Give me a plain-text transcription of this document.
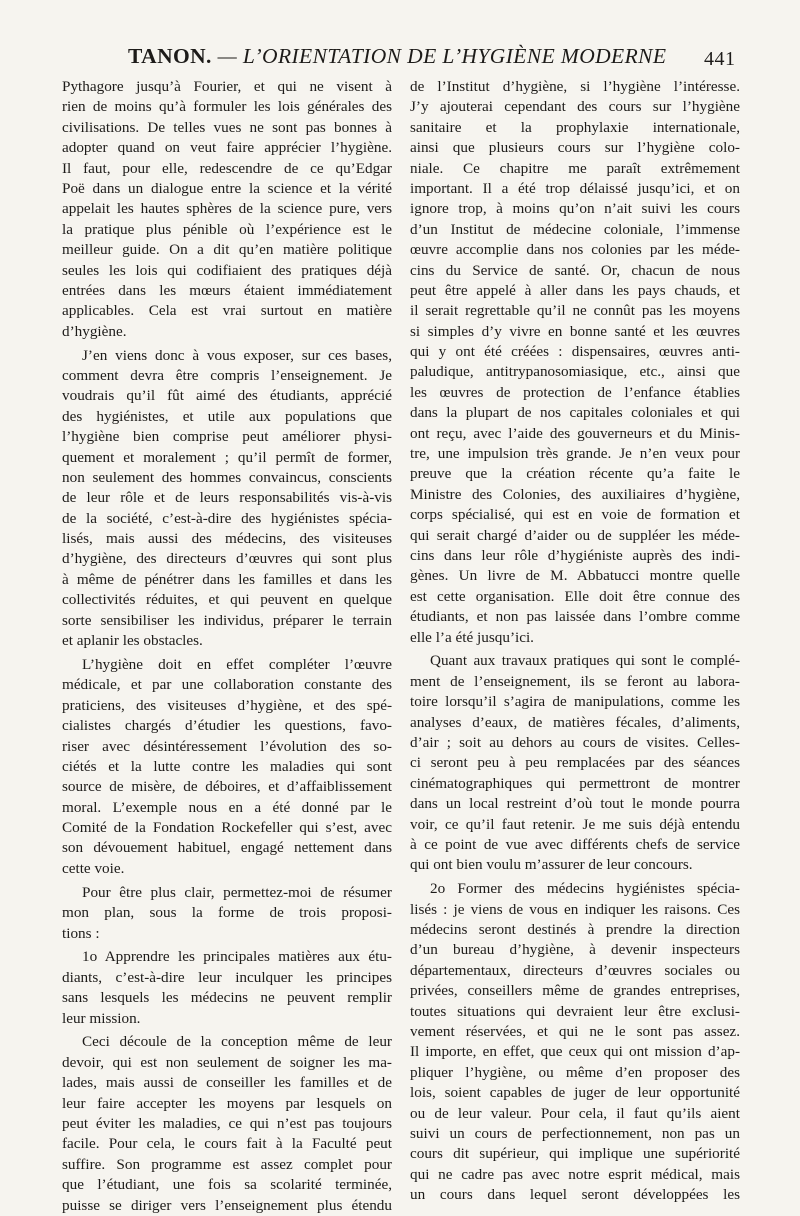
TANON. — L’ORIENTATION DE L’HYGIÈNE MODERNE	441
Pythagore jusqu’à Fourier, et qui ne visent à
rien de moins qu’à formuler les lois générales des
civilisations. De telles vues ne sont pas bonnes à
adopter quand on veut faire apprécier l’hygiène.
Il faut, pour elle, redescendre de ce qu’Edgar
Poë dans un dialogue entre la science et la vérité
appelait les hautes sphères de la science pure, vers
la pratique plus pénible où l’expérience est le
meilleur guide. On a dit qu’en matière politique
seules les lois qui codifiaient des pratiques déjà
entrées dans les mœurs étaient immédiatement
applicables. Cela est vrai surtout en matière
d’hygiène.
J’en viens donc à vous exposer, sur ces bases,
comment devra être compris l’enseignement. Je
voudrais qu’il fût aimé des étudiants, apprécié
des hygiénistes, et utile aux populations que
l’hygiène bien comprise peut améliorer physi-
quement et moralement ; qu’il permît de former,
non seulement des hommes convaincus, conscients
de leur rôle et de leurs responsabilités vis-à-vis
de la société, c’est-à-dire des hygiénistes spécia-
lisés, mais aussi des médecins, des visiteuses
d’hygiène, des directeurs d’œuvres qui sont plus
à même de pénétrer dans les familles et dans les
collectivités réduites, et qui peuvent en quelque
sorte sensibiliser les individus, préparer le terrain
et aplanir les obstacles.
L’hygiène doit en effet compléter l’œuvre
médicale, et par une collaboration constante des
praticiens, des visiteuses d’hygiène, et des spé-
cialistes chargés d’étudier les questions, favo-
riser avec désintéressement l’évolution des so-
ciétés et la lutte contre les maladies qui sont
source de misère, de déboires, et d’affaiblissement
moral. L’exemple nous en a été donné par le
Comité de la Fondation Rockefeller qui s’est, avec
son dévouement habituel, engagé nettement dans
cette voie.
Pour être plus clair, permettez-moi de résumer
mon plan, sous la forme de trois proposi-
tions :
1o Apprendre les principales matières aux étu-
diants, c’est-à-dire leur inculquer les principes
sans lesquels les médecins ne peuvent remplir
leur mission.
Ceci découle de la conception même de leur
devoir, qui est non seulement de soigner les ma-
lades, mais aussi de conseiller les familles et de
leur faire accepter les moyens par lesquels on
peut éviter les maladies, ce qui n’est pas toujours
facile. Pour cela, le cours fait à la Faculté peut
suffire. Son programme est assez complet pour
que l’étudiant, une fois sa scolarité terminée,
puisse se diriger vers l’enseignement plus étendu
de l’Institut d’hygiène, si l’hygiène l’intéresse.
J’y ajouterai cependant des cours sur l’hygiène
sanitaire et la prophylaxie internationale,
ainsi que plusieurs cours sur l’hygiène colo-
niale. Ce chapitre me paraît extrêmement
important. Il a été trop délaissé jusqu’ici, et on
ignore trop, à moins qu’on n’ait suivi les cours
d’un Institut de médecine coloniale, l’immense
œuvre accomplie dans nos colonies par les méde-
cins du Service de santé. Or, chacun de nous
peut être appelé à aller dans les pays chauds, et
il serait regrettable qu’il ne connût pas les moyens
si simples d’y vivre en bonne santé et les œuvres
qui y ont été créées : dispensaires, œuvres anti-
paludique, antitrypanosomiasique, etc., ainsi que
les œuvres de protection de l’enfance établies
dans la plupart de nos capitales coloniales et qui
ont reçu, avec l’aide des gouverneurs et du Minis-
tre, une impulsion très grande. Je n’en veux pour
preuve que la création récente qu’a faite le
Ministre des Colonies, des auxiliaires d’hygiène,
corps spécialisé, qui est en voie de formation et
qui serait chargé d’aider ou de suppléer les méde-
cins dans leur rôle d’hygiéniste auprès des indi-
gènes. Un livre de M. Abbatucci montre quelle
est cette organisation. Elle doit être connue des
étudiants, et non pas laissée dans l’ombre comme
elle l’a été jusqu’ici.
Quant aux travaux pratiques qui sont le complé-
ment de l’enseignement, ils se feront au labora-
toire lorsqu’il s’agira de manipulations, comme les
analyses d’eaux, de matières fécales, d’aliments,
d’air ; soit au dehors au cours de visites. Celles-
ci seront peu à peu remplacées par des séances
cinématographiques qui permettront de montrer
dans un local restreint d’où tout le monde pourra
voir, ce qu’il faut retenir. Je me suis déjà entendu
à ce point de vue avec différents chefs de service
qui ont bien voulu m’assurer de leur concours.
2o Former des médecins hygiénistes spécia-
lisés : je viens de vous en indiquer les raisons. Ces
médecins seront destinés à prendre la direction
d’un bureau d’hygiène, à devenir inspecteurs
départementaux, directeurs d’œuvres sociales ou
privées, conseillers même de grandes entreprises,
toutes situations qui devraient leur être exclusi-
vement réservées, et qui ne le sont pas assez.
Il importe, en effet, que ceux qui ont mission d’ap-
pliquer l’hygiène, ou même d’en proposer des
lois, soient capables de juger de leur opportunité
ou de leur valeur. Pour cela, il faut qu’ils aient
suivi un cours de perfectionnement, non pas un
cours dit supérieur, qui implique une supériorité
qui ne cadre pas avec notre esprit médical, mais
un cours dans lequel seront développées les
